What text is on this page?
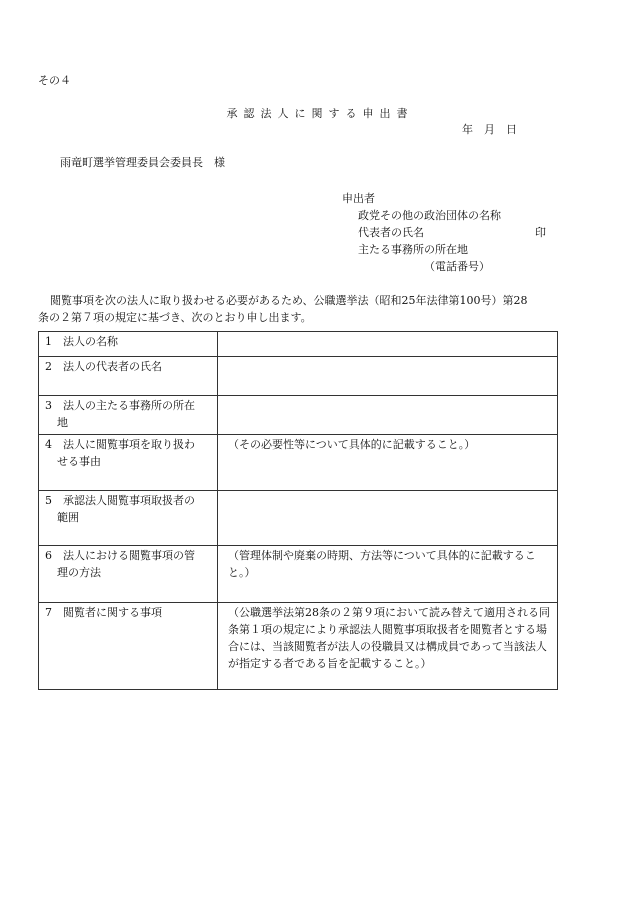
その４
承認法人に関する申出書
年　月　日
雨竜町選挙管理委員会委員長　様
申出者
政党その他の政治団体の名称
代表者の氏名	印
主たる事務所の所在地
（電話番号）
閲覧事項を次の法人に取り扱わせる必要があるため、公職選挙法（昭和25年法律第100号）第28
条の２第７項の規定に基づき、次のとおり申し出ます。
1　法人の名称	

2　法人の代表者の氏名	

3　法人の主たる事務所の所在
地	

4　法人に閲覧事項を取り扱わ
せる事由	（その必要性等について具体的に記載すること。）

5　承認法人閲覧事項取扱者の
範囲	

6　法人における閲覧事項の管
理の方法	（管理体制や廃棄の時期、方法等について具体的に記載すること。）

7　閲覧者に関する事項	（公職選挙法第28条の２第９項において読み替えて適用される同条第１項の規定により承認法人閲覧事項取扱者を閲覧者とする場合には、当該閲覧者が法人の役職員又は構成員であって当該法人が指定する者である旨を記載すること。）
